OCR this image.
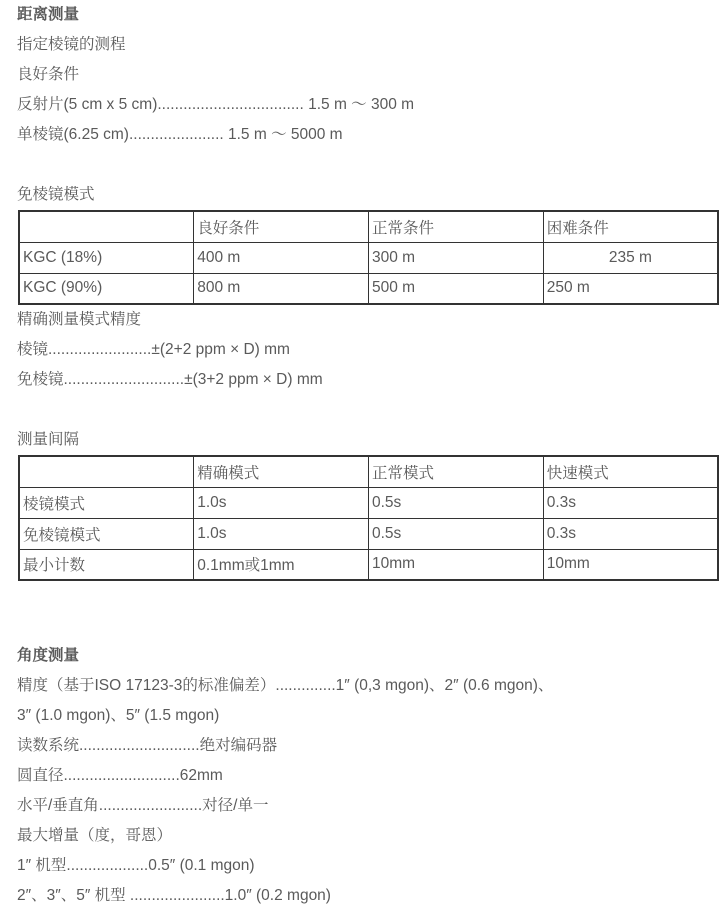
距离测量

指定棱镜的测程

良好条件

反射片(5 cm x 5 cm).................................. 1.5 m ～ 300 m

单棱镜(6.25 cm)...................... 1.5 m ～ 5000 m

免棱镜模式

	良好条件	正常条件	困难条件
KGC (18%)	400 m	300 m	235 m
KGC (90%)	800 m	500 m	250 m

精确测量模式精度

棱镜........................±(2+2 ppm × D) mm

免棱镜............................±(3+2 ppm × D) mm

测量间隔

	精确模式	正常模式	快速模式
棱镜模式	1.0s	0.5s	0.3s
免棱镜模式	1.0s	0.5s	0.3s
最小计数	0.1mm或1mm	10mm	10mm

角度测量

精度（基于ISO 17123-3的标准偏差）..............1″ (0,3 mgon)、2″ (0.6 mgon)、

3″ (1.0 mgon)、5″ (1.5 mgon)

读数系统............................绝对编码器

圆直径...........................62mm

水平/垂直角........................对径/单一

最大增量（度，哥恩）

1″ 机型...................0.5″ (0.1 mgon)

2″、3″、5″ 机型 ......................1.0″ (0.2 mgon)
